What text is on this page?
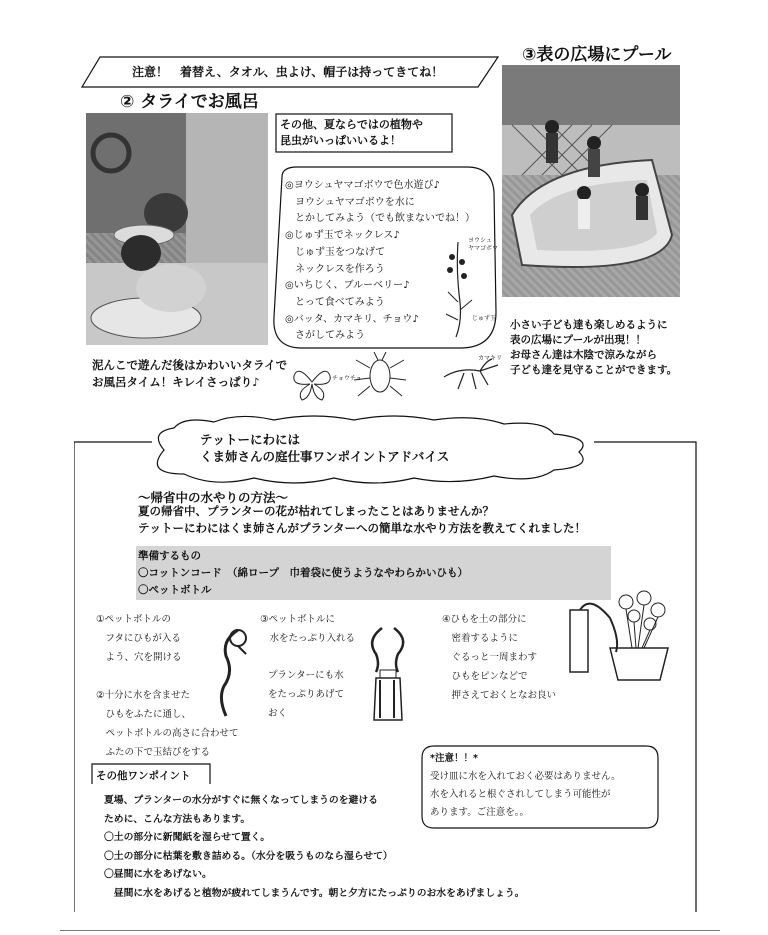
注意！　着替え、タオル、虫よけ、帽子は持ってきてね！
③表の広場にプール
② タライでお風呂
その他、夏ならではの植物や
昆虫がいっぱいいるよ！
◎ヨウシュヤマゴボウで色水遊び♪
　ヨウシュヤマゴボウを水に
　とかしてみよう（でも飲まないでね！）
◎じゅず玉でネックレス♪
　じゅず玉をつなげて
　ネックレスを作ろう
◎いちじく、ブルーベリー♪
　とって食べてみよう
◎バッタ、カマキリ、チョウ♪
　さがしてみよう
ヨウシュ
ヤマゴボウ
じゅず玉
チョウチョ
カマキリ
泥んこで遊んだ後はかわいいタライで
お風呂タイム！キレイさっぱり♪
小さい子ども達も楽しめるように
表の広場にプールが出現！！
お母さん達は木陰で涼みながら
子ども達を見守ることができます。
テットーにわには
くま姉さんの庭仕事ワンポイントアドバイス
～帰省中の水やりの方法～
夏の帰省中、プランターの花が枯れてしまったことはありませんか？
テットーにわにはくま姉さんがプランターへの簡単な水やり方法を教えてくれました！
準備するもの
〇コットンコード　（綿ロープ　巾着袋に使うようなやわらかいひも）
〇ペットボトル
①ペットボトルの
　フタにひもが入る
　よう、穴を開ける
②十分に水を含ませた
　ひもをふたに通し、
　ペットボトルの高さに合わせて
　ふたの下で玉結びをする
③ペットボトルに
　水をたっぷり入れる
プランターにも水
をたっぷりあげて
おく
④ひもを土の部分に
　密着するように
　ぐるっと一周まわす
　ひもをピンなどで
　押さえておくとなお良い
*注意！！*
受け皿に水を入れておく必要はありません。
水を入れると根ぐされしてしまう可能性が
あります。ご注意を。。
その他ワンポイント
夏場、プランターの水分がすぐに無くなってしまうのを避ける
ために、こんな方法もあります。
〇土の部分に新聞紙を湿らせて置く。
〇土の部分に枯葉を敷き詰める。（水分を吸うものなら湿らせて）
〇昼間に水をあげない。
　昼間に水をあげると植物が疲れてしまうんです。朝と夕方にたっぷりのお水をあげましょう。
